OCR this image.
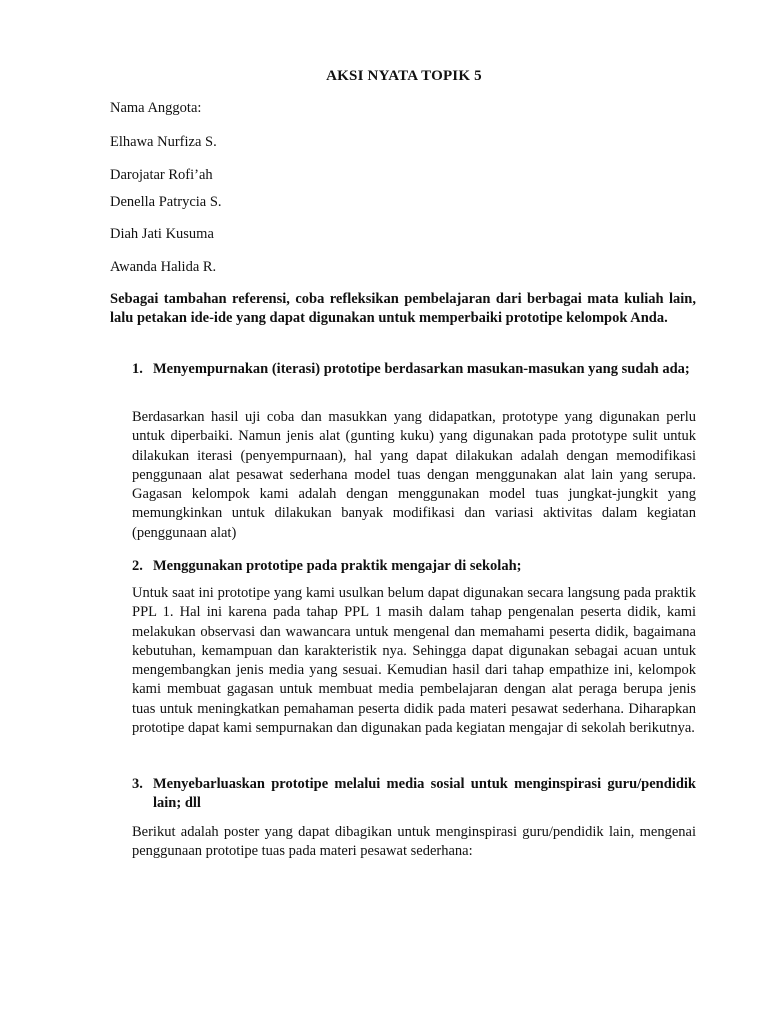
AKSI NYATA TOPIK 5

Nama Anggota:

Elhawa Nurfiza S.

Darojatar Rofi’ah

Denella Patrycia S.

Diah Jati Kusuma

Awanda Halida R.

Sebagai tambahan referensi, coba refleksikan pembelajaran dari berbagai mata kuliah lain, lalu petakan ide-ide yang dapat digunakan untuk memperbaiki prototipe kelompok Anda.

1. Menyempurnakan (iterasi) prototipe berdasarkan masukan-masukan yang sudah ada;

Berdasarkan hasil uji coba dan masukkan yang didapatkan, prototype yang digunakan perlu untuk diperbaiki. Namun jenis alat (gunting kuku) yang digunakan pada prototype sulit untuk dilakukan iterasi (penyempurnaan), hal yang dapat dilakukan adalah dengan memodifikasi penggunaan alat pesawat sederhana model tuas dengan menggunakan alat lain yang serupa. Gagasan kelompok kami adalah dengan menggunakan model tuas jungkat-jungkit yang memungkinkan untuk dilakukan banyak modifikasi dan variasi aktivitas dalam kegiatan (penggunaan alat)

2. Menggunakan prototipe pada praktik mengajar di sekolah;

Untuk saat ini prototipe yang kami usulkan belum dapat digunakan secara langsung pada praktik PPL 1. Hal ini karena pada tahap PPL 1 masih dalam tahap pengenalan peserta didik, kami melakukan observasi dan wawancara untuk mengenal dan memahami peserta didik, bagaimana kebutuhan, kemampuan dan karakteristik nya. Sehingga dapat digunakan sebagai acuan untuk mengembangkan jenis media yang sesuai. Kemudian hasil dari tahap empathize ini, kelompok kami membuat gagasan untuk membuat media pembelajaran dengan alat peraga berupa jenis tuas untuk meningkatkan pemahaman peserta didik pada materi pesawat sederhana. Diharapkan prototipe dapat kami sempurnakan dan digunakan pada kegiatan mengajar di sekolah berikutnya.

3. Menyebarluaskan prototipe melalui media sosial untuk menginspirasi guru/pendidik lain; dll

Berikut adalah poster yang dapat dibagikan untuk menginspirasi guru/pendidik lain, mengenai penggunaan prototipe tuas pada materi pesawat sederhana:
